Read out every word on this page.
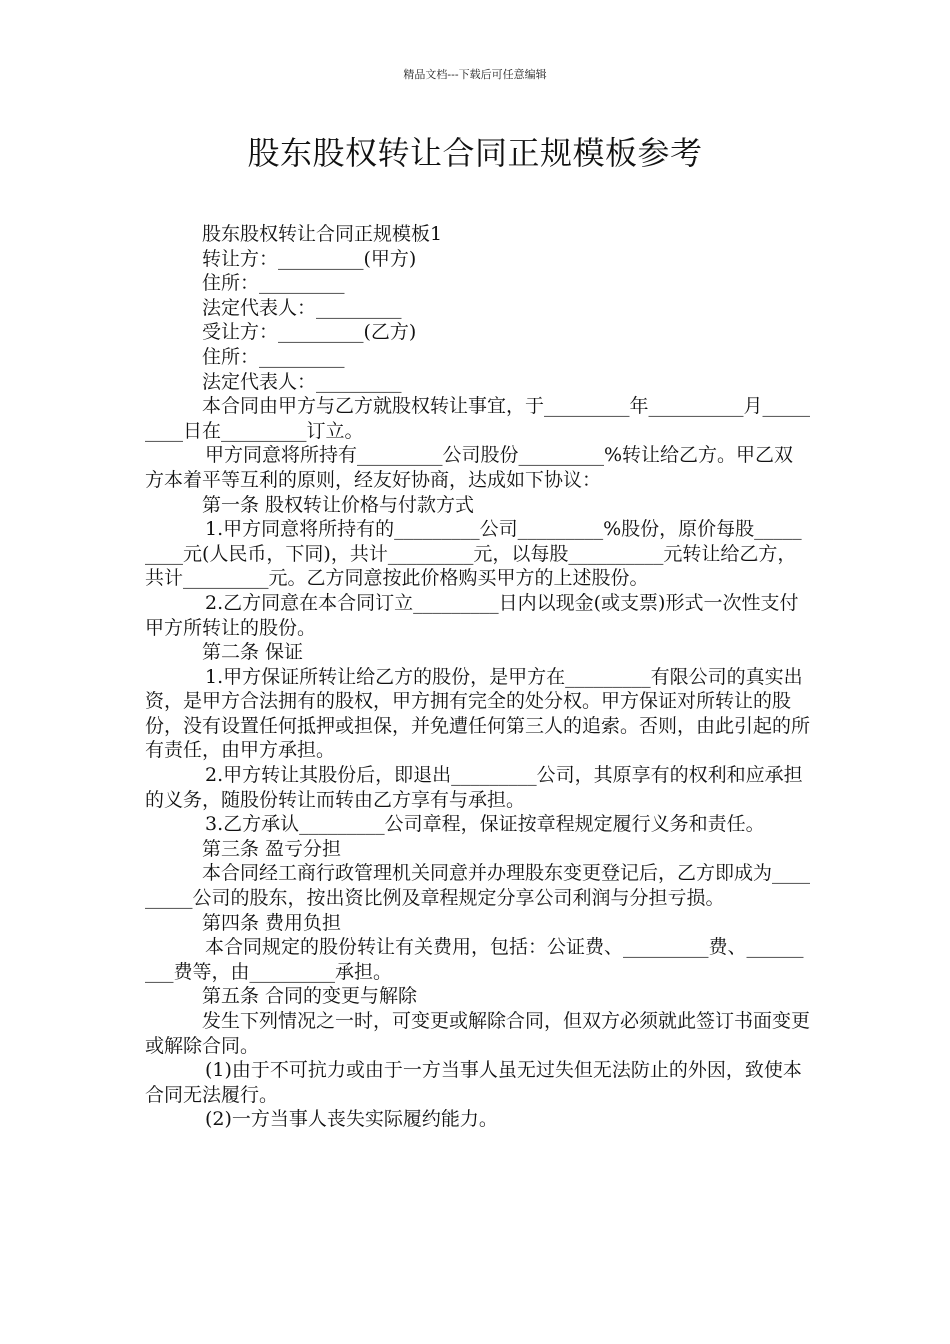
精品文档---下载后可任意编辑
股东股权转让合同正规模板参考

股东股权转让合同正规模板1

转让方：_________(甲方)

住所：_________

法定代表人：_________

受让方：_________(乙方)

住所：_________

法定代表人：_________

本合同由甲方与乙方就股权转让事宜，于_________年__________月_________日在_________订立。

甲方同意将所持有_________公司股份_________%转让给乙方。甲乙双方本着平等互利的原则，经友好协商，达成如下协议：

第一条 股权转让价格与付款方式

1.甲方同意将所持有的_________公司_________%股份，原价每股_________元(人民币，下同)，共计_________元，以每股__________元转让给乙方，共计_________元。乙方同意按此价格购买甲方的上述股份。

2.乙方同意在本合同订立_________日内以现金(或支票)形式一次性支付甲方所转让的股份。

第二条 保证

1.甲方保证所转让给乙方的股份，是甲方在_________有限公司的真实出资，是甲方合法拥有的股权，甲方拥有完全的处分权。甲方保证对所转让的股份，没有设置任何抵押或担保，并免遭任何第三人的追索。否则，由此引起的所有责任，由甲方承担。

2.甲方转让其股份后，即退出_________公司，其原享有的权利和应承担的义务，随股份转让而转由乙方享有与承担。

3.乙方承认_________公司章程，保证按章程规定履行义务和责任。

第三条 盈亏分担

本合同经工商行政管理机关同意并办理股东变更登记后，乙方即成为_________公司的股东，按出资比例及章程规定分享公司利润与分担亏损。

第四条 费用负担

本合同规定的股份转让有关费用，包括：公证费、_________费、_________费等，由_________承担。

第五条 合同的变更与解除

发生下列情况之一时，可变更或解除合同，但双方必须就此签订书面变更或解除合同。

(1)由于不可抗力或由于一方当事人虽无过失但无法防止的外因，致使本合同无法履行。

(2)一方当事人丧失实际履约能力。
